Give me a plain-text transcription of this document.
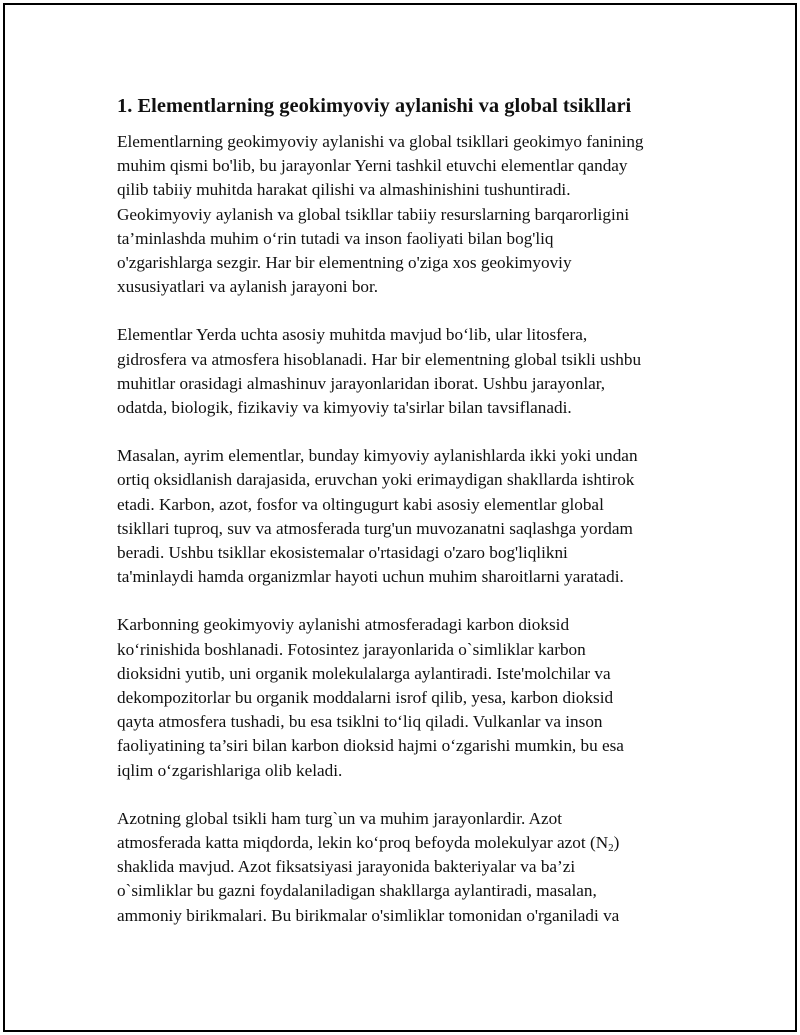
1. Elementlarning geokimyoviy aylanishi va global tsikllari
Elementlarning geokimyoviy aylanishi va global tsikllari geokimyo fanining
muhim qismi bo'lib, bu jarayonlar Yerni tashkil etuvchi elementlar qanday
qilib tabiiy muhitda harakat qilishi va almashinishini tushuntiradi.
Geokimyoviy aylanish va global tsikllar tabiiy resurslarning barqarorligini
ta’minlashda muhim o‘rin tutadi va inson faoliyati bilan bog'liq
o'zgarishlarga sezgir. Har bir elementning o'ziga xos geokimyoviy
xususiyatlari va aylanish jarayoni bor.
Elementlar Yerda uchta asosiy muhitda mavjud bo‘lib, ular litosfera,
gidrosfera va atmosfera hisoblanadi. Har bir elementning global tsikli ushbu
muhitlar orasidagi almashinuv jarayonlaridan iborat. Ushbu jarayonlar,
odatda, biologik, fizikaviy va kimyoviy ta'sirlar bilan tavsiflanadi.
Masalan, ayrim elementlar, bunday kimyoviy aylanishlarda ikki yoki undan
ortiq oksidlanish darajasida, eruvchan yoki erimaydigan shakllarda ishtirok
etadi. Karbon, azot, fosfor va oltingugurt kabi asosiy elementlar global
tsikllari tuproq, suv va atmosferada turg'un muvozanatni saqlashga yordam
beradi. Ushbu tsikllar ekosistemalar o'rtasidagi o'zaro bog'liqlikni
ta'minlaydi hamda organizmlar hayoti uchun muhim sharoitlarni yaratadi.
Karbonning geokimyoviy aylanishi atmosferadagi karbon dioksid
ko‘rinishida boshlanadi. Fotosintez jarayonlarida o`simliklar karbon
dioksidni yutib, uni organik molekulalarga aylantiradi. Iste'molchilar va
dekompozitorlar bu organik moddalarni isrof qilib, yesa, karbon dioksid
qayta atmosfera tushadi, bu esa tsiklni to‘liq qiladi. Vulkanlar va inson
faoliyatining ta’siri bilan karbon dioksid hajmi o‘zgarishi mumkin, bu esa
iqlim o‘zgarishlariga olib keladi.
Azotning global tsikli ham turg`un va muhim jarayonlardir. Azot
atmosferada katta miqdorda, lekin ko‘proq befoyda molekulyar azot $(N_2)$
shaklida mavjud. Azot fiksatsiyasi jarayonida bakteriyalar va ba’zi
o`simliklar bu gazni foydalaniladigan shakllarga aylantiradi, masalan,
ammoniy birikmalari. Bu birikmalar o'simliklar tomonidan o'rganiladi va
